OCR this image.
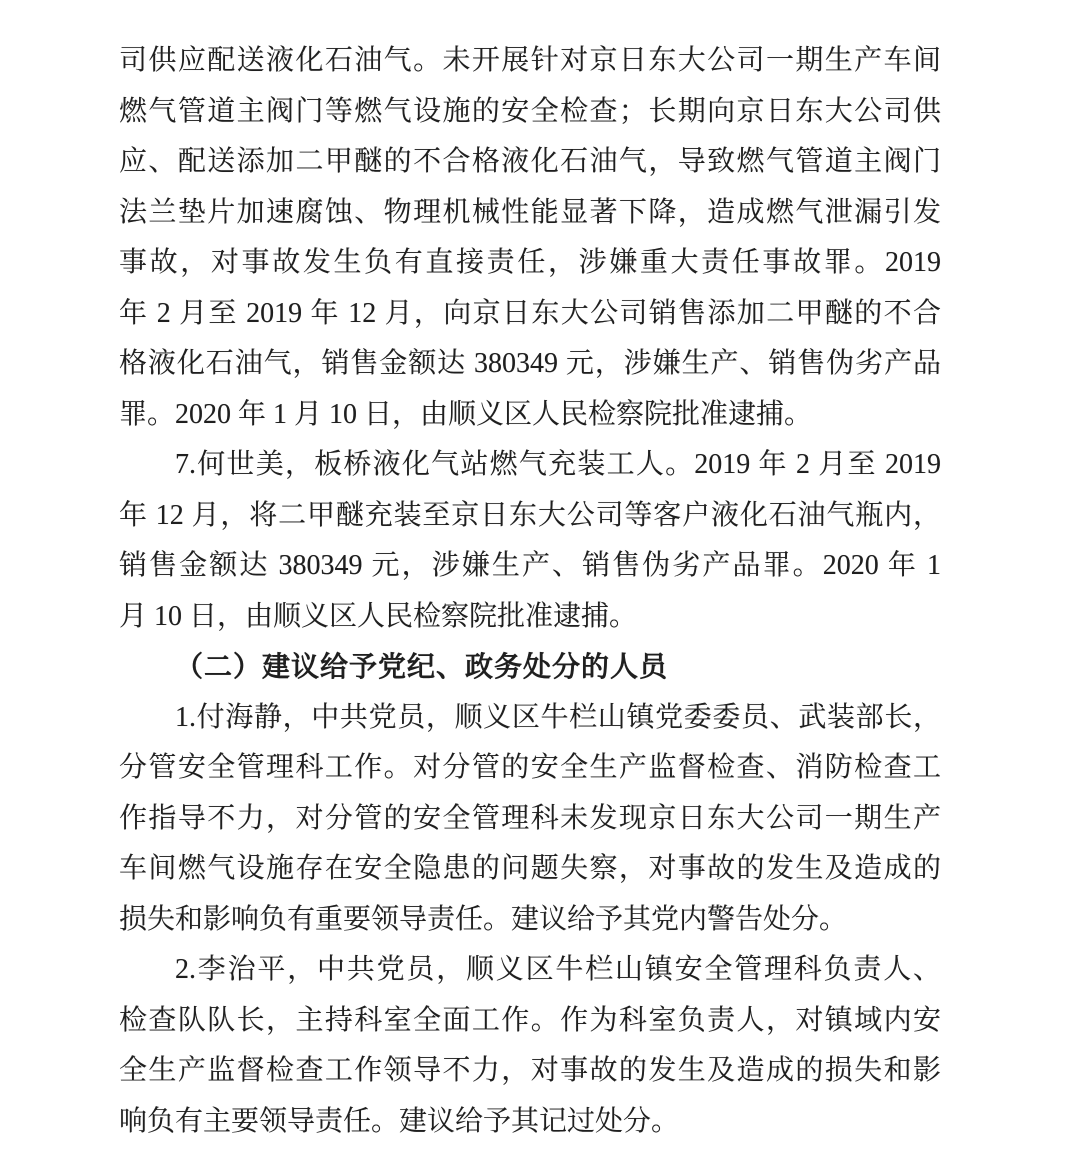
司供应配送液化石油气。未开展针对京日东大公司一期生产车间
燃气管道主阀门等燃气设施的安全检查；长期向京日东大公司供
应、配送添加二甲醚的不合格液化石油气，导致燃气管道主阀门
法兰垫片加速腐蚀、物理机械性能显著下降，造成燃气泄漏引发
事故，对事故发生负有直接责任，涉嫌重大责任事故罪。2019
年 2 月至 2019 年 12 月，向京日东大公司销售添加二甲醚的不合
格液化石油气，销售金额达 380349 元，涉嫌生产、销售伪劣产品
罪。2020 年 1 月 10 日，由顺义区人民检察院批准逮捕。
7.何世美，板桥液化气站燃气充装工人。2019 年 2 月至 2019
年 12 月，将二甲醚充装至京日东大公司等客户液化石油气瓶内，
销售金额达 380349 元，涉嫌生产、销售伪劣产品罪。2020 年 1
月 10 日，由顺义区人民检察院批准逮捕。
（二）建议给予党纪、政务处分的人员
1.付海静，中共党员，顺义区牛栏山镇党委委员、武装部长，
分管安全管理科工作。对分管的安全生产监督检查、消防检查工
作指导不力，对分管的安全管理科未发现京日东大公司一期生产
车间燃气设施存在安全隐患的问题失察，对事故的发生及造成的
损失和影响负有重要领导责任。建议给予其党内警告处分。
2.李治平，中共党员，顺义区牛栏山镇安全管理科负责人、
检查队队长，主持科室全面工作。作为科室负责人，对镇域内安
全生产监督检查工作领导不力，对事故的发生及造成的损失和影
响负有主要领导责任。建议给予其记过处分。
